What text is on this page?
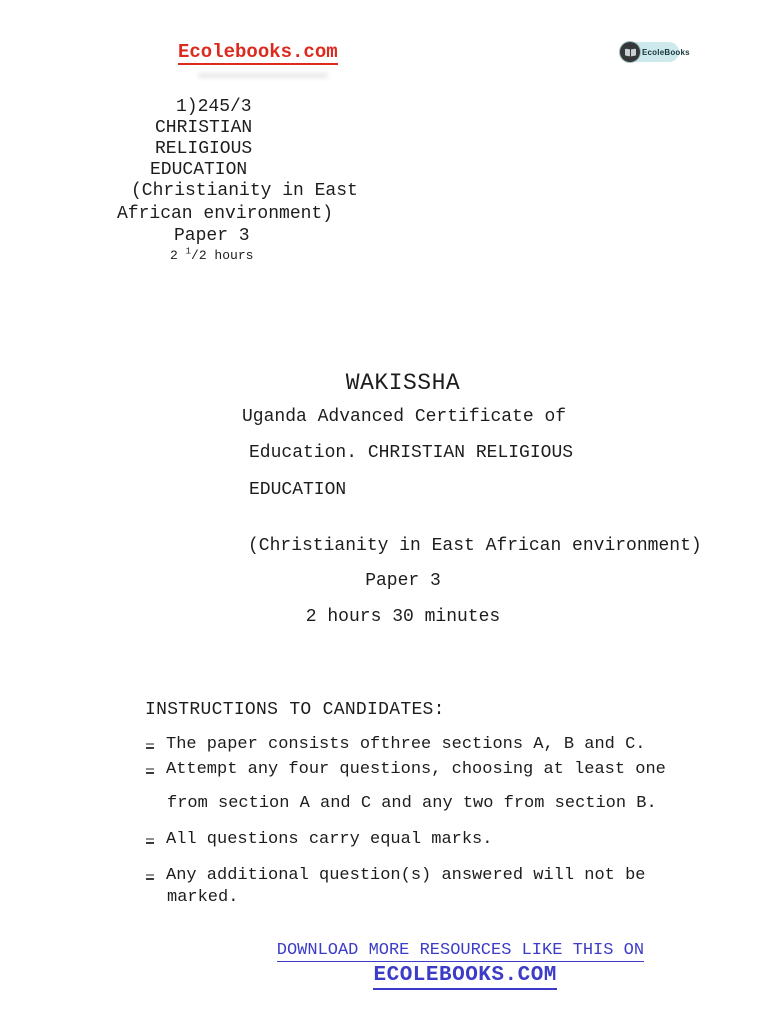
Ecolebooks.com	EcoleBooks
1)245/3
CHRISTIAN
RELIGIOUS
EDUCATION
(Christianity in East
African environment)
Paper 3
2 $^1$/2 hours
WAKISSHA
Uganda Advanced Certificate of
Education. CHRISTIAN RELIGIOUS
EDUCATION
(Christianity in East African environment)
Paper 3
2 hours 30 minutes
INSTRUCTIONS TO CANDIDATES:
The paper consists ofthree sections A, B and C.
Attempt any four questions, choosing at least one
from section A and C and any two from section B.
All questions carry equal marks.
Any additional question(s) answered will not be
marked.

DOWNLOAD MORE RESOURCES LIKE THIS ON

ECOLEBOOKS.COM
